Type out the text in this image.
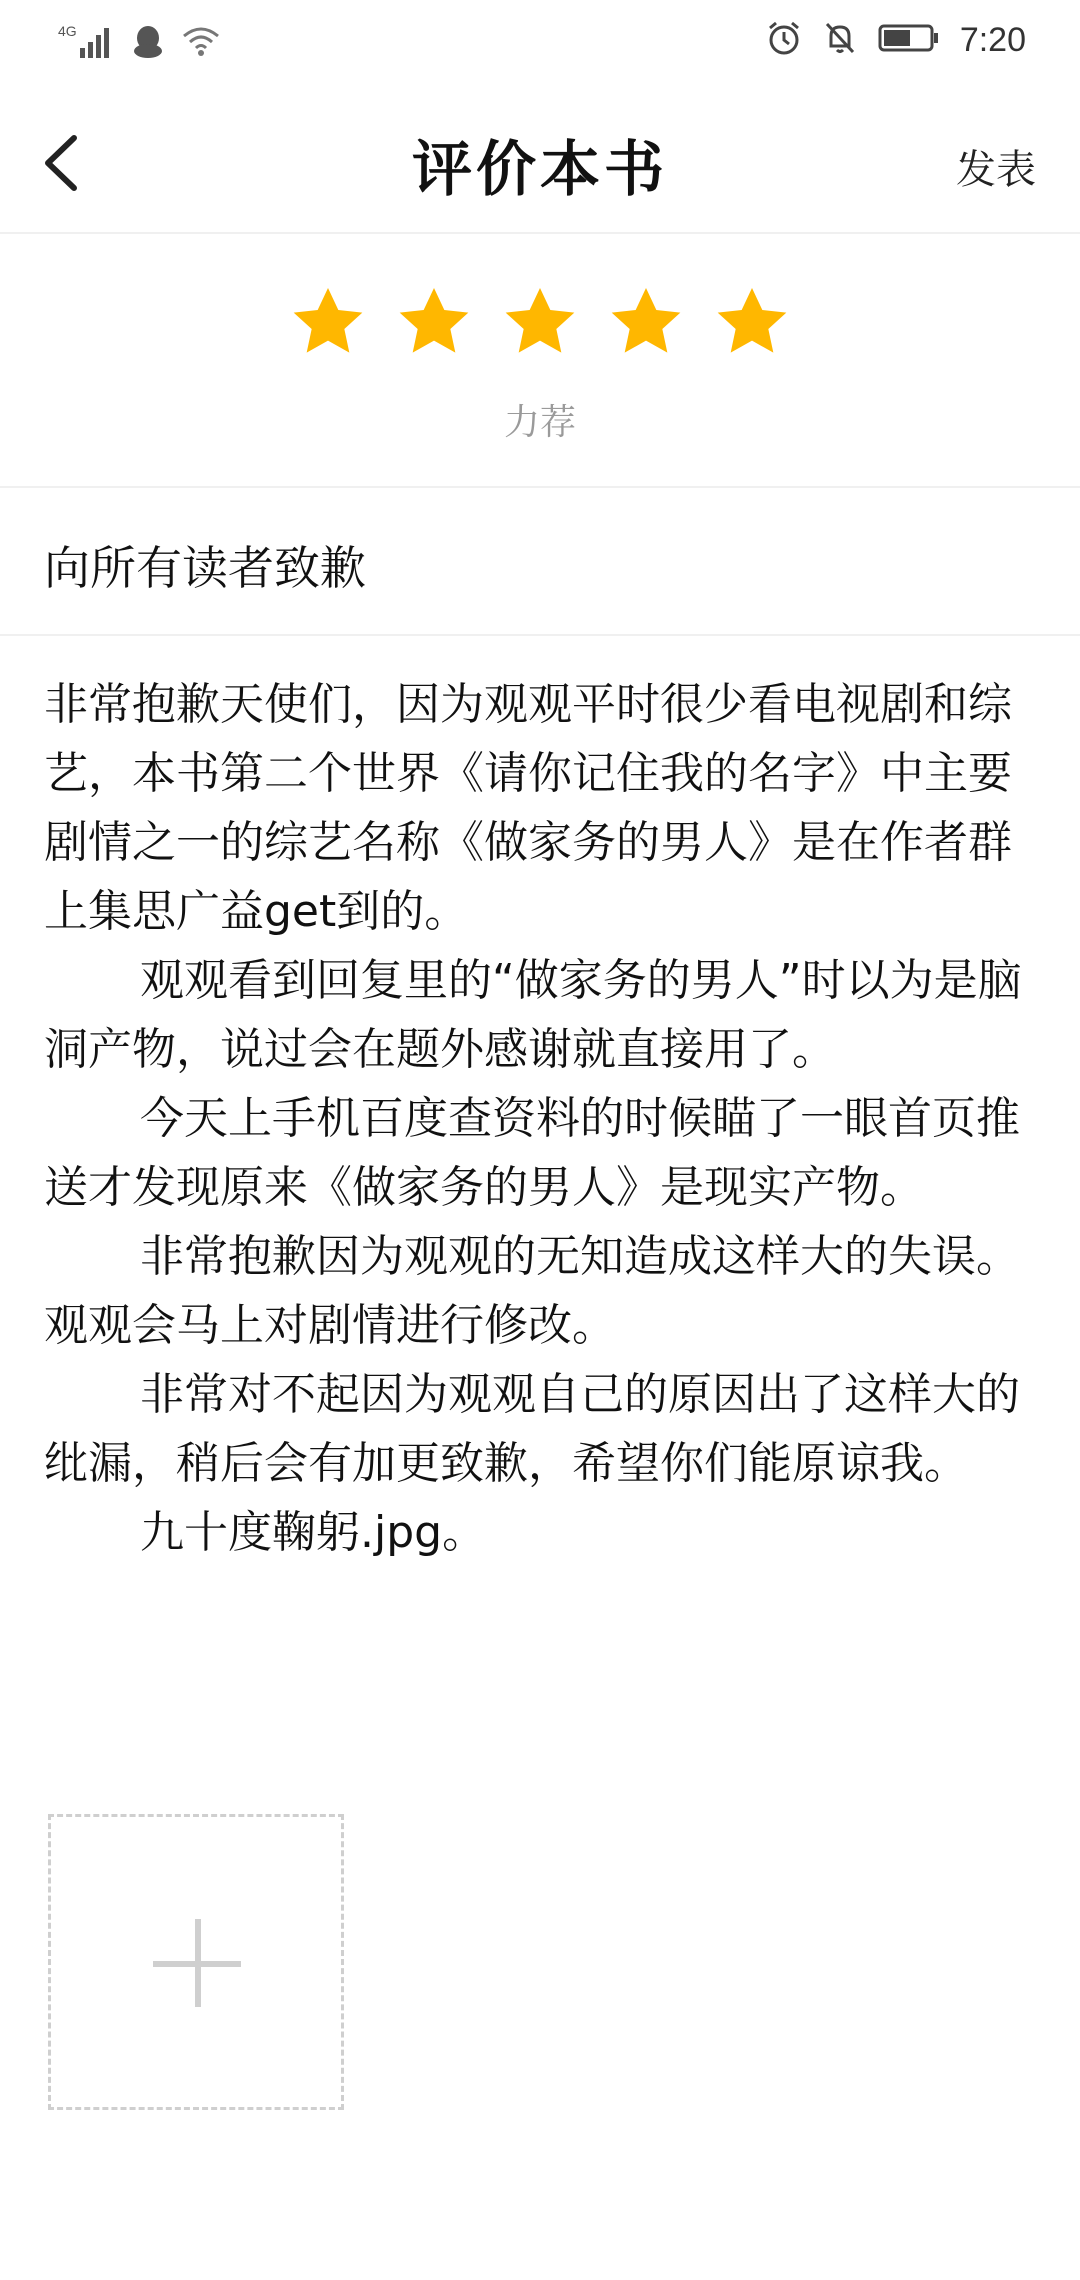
4G	7:20
评价本书	发表
力荐
向所有读者致歉

非常抱歉天使们，因为观观平时很少看电视剧和综艺，本书第二个世界《请你记住我的名字》中主要剧情之一的综艺名称《做家务的男人》是在作者群上集思广益get到的。

观观看到回复里的“做家务的男人”时以为是脑洞产物，说过会在题外感谢就直接用了。

今天上手机百度查资料的时候瞄了一眼首页推送才发现原来《做家务的男人》是现实产物。

非常抱歉因为观观的无知造成这样大的失误。观观会马上对剧情进行修改。

非常对不起因为观观自己的原因出了这样大的纰漏，稍后会有加更致歉，希望你们能原谅我。

九十度鞠躬.jpg。
